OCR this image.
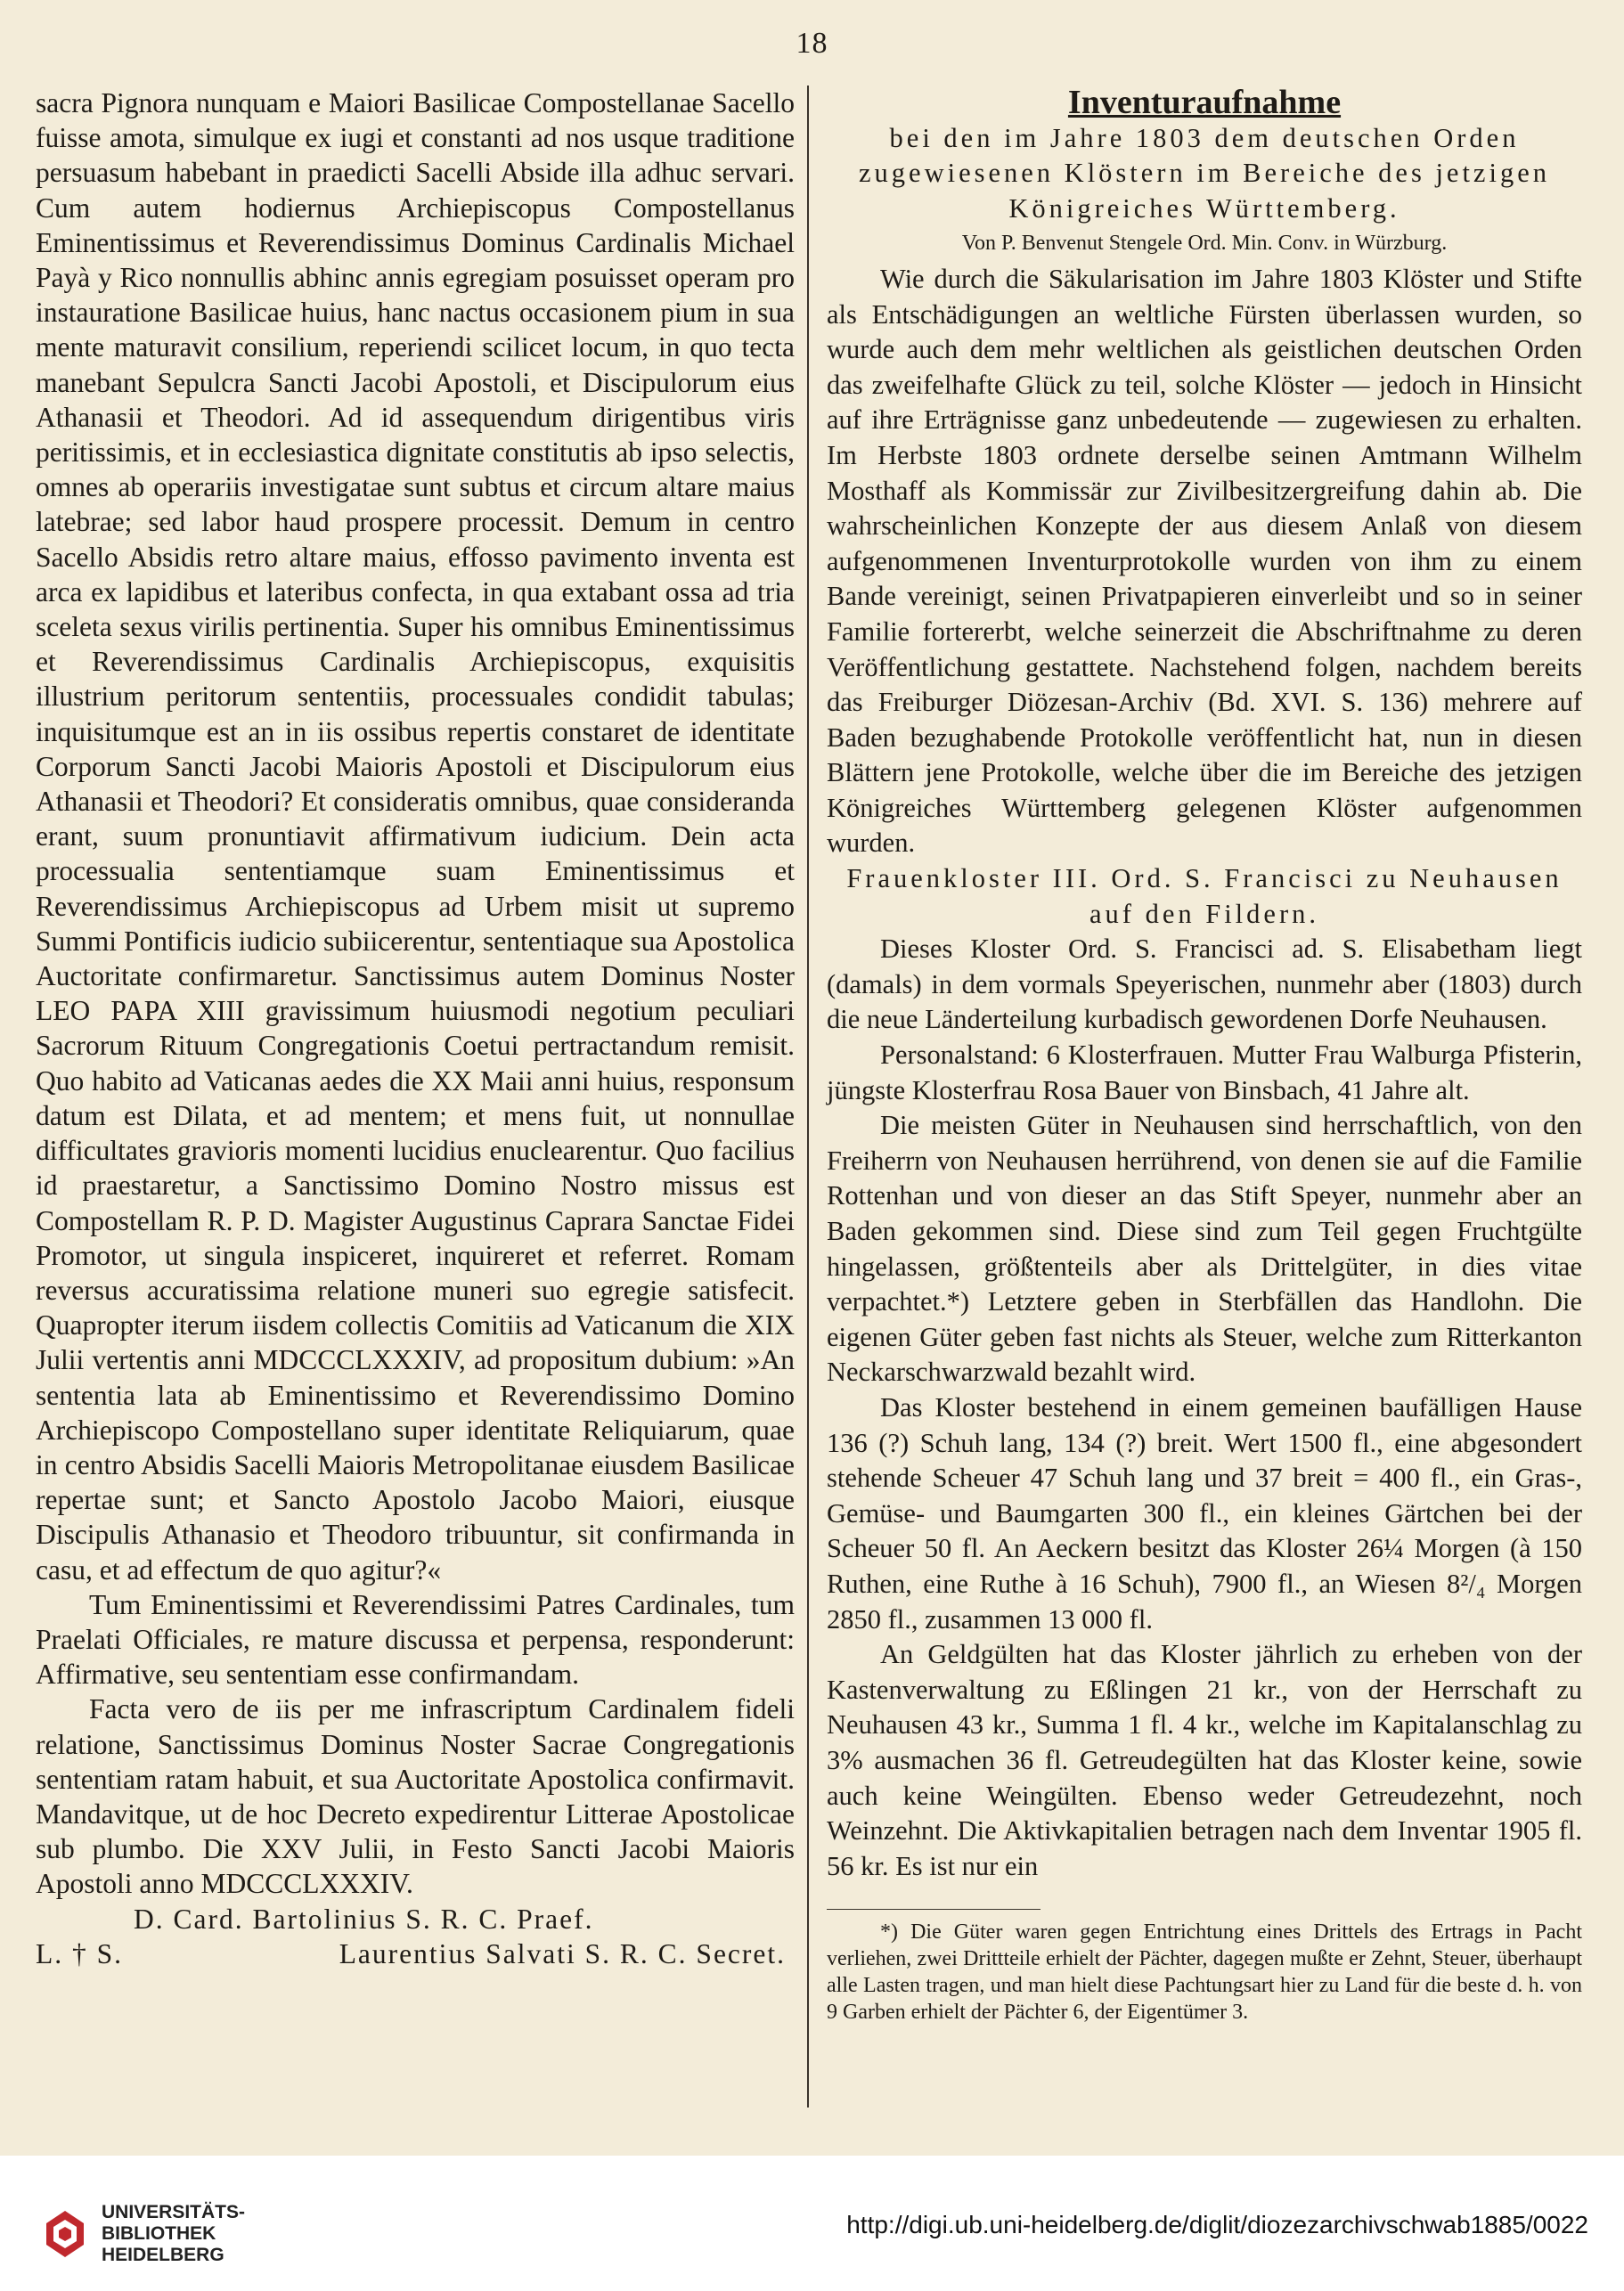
18

sacra Pignora nunquam e Maiori Basilicae Compostellanae Sacello fuisse amota, simulque ex iugi et constanti ad nos usque traditione persuasum habebant in praedicti Sacelli Abside illa adhuc servari. Cum autem hodiernus Archiepiscopus Compostellanus Eminentissimus et Reverendissimus Dominus Cardinalis Michael Payà y Rico nonnullis abhinc annis egregiam posuisset operam pro instauratione Basilicae huius, hanc nactus occasionem pium in sua mente maturavit consilium, reperiendi scilicet locum, in quo tecta manebant Sepulcra Sancti Jacobi Apostoli, et Discipulorum eius Athanasii et Theodori. Ad id assequendum dirigentibus viris peritissimis, et in ecclesiastica dignitate constitutis ab ipso selectis, omnes ab operariis investigatae sunt subtus et circum altare maius latebrae; sed labor haud prospere processit. Demum in centro Sacello Absidis retro altare maius, effosso pavimento inventa est arca ex lapidibus et lateribus confecta, in qua extabant ossa ad tria sceleta sexus virilis pertinentia. Super his omnibus Eminentissimus et Reverendissimus Cardinalis Archiepiscopus, exquisitis illustrium peritorum sententiis, processuales condidit tabulas; inquisitumque est an in iis ossibus repertis constaret de identitate Corporum Sancti Jacobi Maioris Apostoli et Discipulorum eius Athanasii et Theodori? Et consideratis omnibus, quae consideranda erant, suum pronuntiavit affirmativum iudicium. Dein acta processualia sententiamque suam Eminentissimus et Reverendissimus Archiepiscopus ad Urbem misit ut supremo Summi Pontificis iudicio subiicerentur, sententiaque sua Apostolica Auctoritate confirmaretur. Sanctissimus autem Dominus Noster LEO PAPA XIII gravissimum huiusmodi negotium peculiari Sacrorum Rituum Congregationis Coetui pertractandum remisit. Quo habito ad Vaticanas aedes die XX Maii anni huius, responsum datum est Dilata, et ad mentem; et mens fuit, ut nonnullae difficultates gravioris momenti lucidius enuclearentur. Quo facilius id praestaretur, a Sanctissimo Domino Nostro missus est Compostellam R. P. D. Magister Augustinus Caprara Sanctae Fidei Promotor, ut singula inspiceret, inquireret et referret. Romam reversus accuratissima relatione muneri suo egregie satisfecit. Quapropter iterum iisdem collectis Comitiis ad Vaticanum die XIX Julii vertentis anni MDCCCLXXXIV, ad propositum dubium: »An sententia lata ab Eminentissimo et Reverendissimo Domino Archiepiscopo Compostellano super identitate Reliquiarum, quae in centro Absidis Sacelli Maioris Metropolitanae eiusdem Basilicae repertae sunt; et Sancto Apostolo Jacobo Maiori, eiusque Discipulis Athanasio et Theodoro tribuuntur, sit confirmanda in casu, et ad effectum de quo agitur?«

Tum Eminentissimi et Reverendissimi Patres Cardinales, tum Praelati Officiales, re mature discussa et perpensa, responderunt: Affirmative, seu sententiam esse confirmandam.

Facta vero de iis per me infrascriptum Cardinalem fideli relatione, Sanctissimus Dominus Noster Sacrae Congregationis sententiam ratam habuit, et sua Auctoritate Apostolica confirmavit. Mandavitque, ut de hoc Decreto expedirentur Litterae Apostolicae sub plumbo. Die XXV Julii, in Festo Sancti Jacobi Maioris Apostoli anno MDCCCLXXXIV.

D. Card. Bartolinius S. R. C. Praef.

L. † S.	Laurentius Salvati S. R. C. Secret.

Inventuraufnahme

bei den im Jahre 1803 dem deutschen Orden zugewiesenen Klöstern im Bereiche des jetzigen Königreiches Württemberg.

Von P. Benvenut Stengele Ord. Min. Conv. in Würzburg.

Wie durch die Säkularisation im Jahre 1803 Klöster und Stifte als Entschädigungen an weltliche Fürsten überlassen wurden, so wurde auch dem mehr weltlichen als geistlichen deutschen Orden das zweifelhafte Glück zu teil, solche Klöster — jedoch in Hinsicht auf ihre Erträgnisse ganz unbedeutende — zugewiesen zu erhalten. Im Herbste 1803 ordnete derselbe seinen Amtmann Wilhelm Mosthaff als Kommissär zur Zivilbesitzergreifung dahin ab. Die wahrscheinlichen Konzepte der aus diesem Anlaß von diesem aufgenommenen Inventurprotokolle wurden von ihm zu einem Bande vereinigt, seinen Privatpapieren einverleibt und so in seiner Familie fortererbt, welche seinerzeit die Abschriftnahme zu deren Veröffentlichung gestattete. Nachstehend folgen, nachdem bereits das Freiburger Diözesan-Archiv (Bd. XVI. S. 136) mehrere auf Baden bezughabende Protokolle veröffentlicht hat, nun in diesen Blättern jene Protokolle, welche über die im Bereiche des jetzigen Königreiches Württemberg gelegenen Klöster aufgenommen wurden.

Frauenkloster III. Ord. S. Francisci zu Neuhausen auf den Fildern.

Dieses Kloster Ord. S. Francisci ad. S. Elisabetham liegt (damals) in dem vormals Speyerischen, nunmehr aber (1803) durch die neue Länderteilung kurbadisch gewordenen Dorfe Neuhausen.

Personalstand: 6 Klosterfrauen. Mutter Frau Walburga Pfisterin, jüngste Klosterfrau Rosa Bauer von Binsbach, 41 Jahre alt.

Die meisten Güter in Neuhausen sind herrschaftlich, von den Freiherrn von Neuhausen herrührend, von denen sie auf die Familie Rottenhan und von dieser an das Stift Speyer, nunmehr aber an Baden gekommen sind. Diese sind zum Teil gegen Fruchtgülte hingelassen, größtenteils aber als Drittelgüter, in dies vitae verpachtet.*) Letztere geben in Sterbfällen das Handlohn. Die eigenen Güter geben fast nichts als Steuer, welche zum Ritterkanton Neckarschwarzwald bezahlt wird.

Das Kloster bestehend in einem gemeinen baufälligen Hause 136 (?) Schuh lang, 134 (?) breit. Wert 1500 fl., eine abgesondert stehende Scheuer 47 Schuh lang und 37 breit = 400 fl., ein Gras-, Gemüse- und Baumgarten 300 fl., ein kleines Gärtchen bei der Scheuer 50 fl. An Aeckern besitzt das Kloster 26¼ Morgen (à 150 Ruthen, eine Ruthe à 16 Schuh), 7900 fl., an Wiesen 8²/₄ Morgen 2850 fl., zusammen 13 000 fl.

An Geldgülten hat das Kloster jährlich zu erheben von der Kastenverwaltung zu Eßlingen 21 kr., von der Herrschaft zu Neuhausen 43 kr., Summa 1 fl. 4 kr., welche im Kapitalanschlag zu 3% ausmachen 36 fl. Getreudegülten hat das Kloster keine, sowie auch keine Weingülten. Ebenso weder Getreudezehnt, noch Weinzehnt. Die Aktivkapitalien betragen nach dem Inventar 1905 fl. 56 kr. Es ist nur ein

*) Die Güter waren gegen Entrichtung eines Drittels des Ertrags in Pacht verliehen, zwei Drittteile erhielt der Pächter, dagegen mußte er Zehnt, Steuer, überhaupt alle Lasten tragen, und man hielt diese Pachtungsart hier zu Land für die beste d. h. von 9 Garben erhielt der Pächter 6, der Eigentümer 3.

UNIVERSITÄTS-
BIBLIOTHEK
HEIDELBERG
http://digi.ub.uni-heidelberg.de/diglit/diozezarchivschwab1885/0022
